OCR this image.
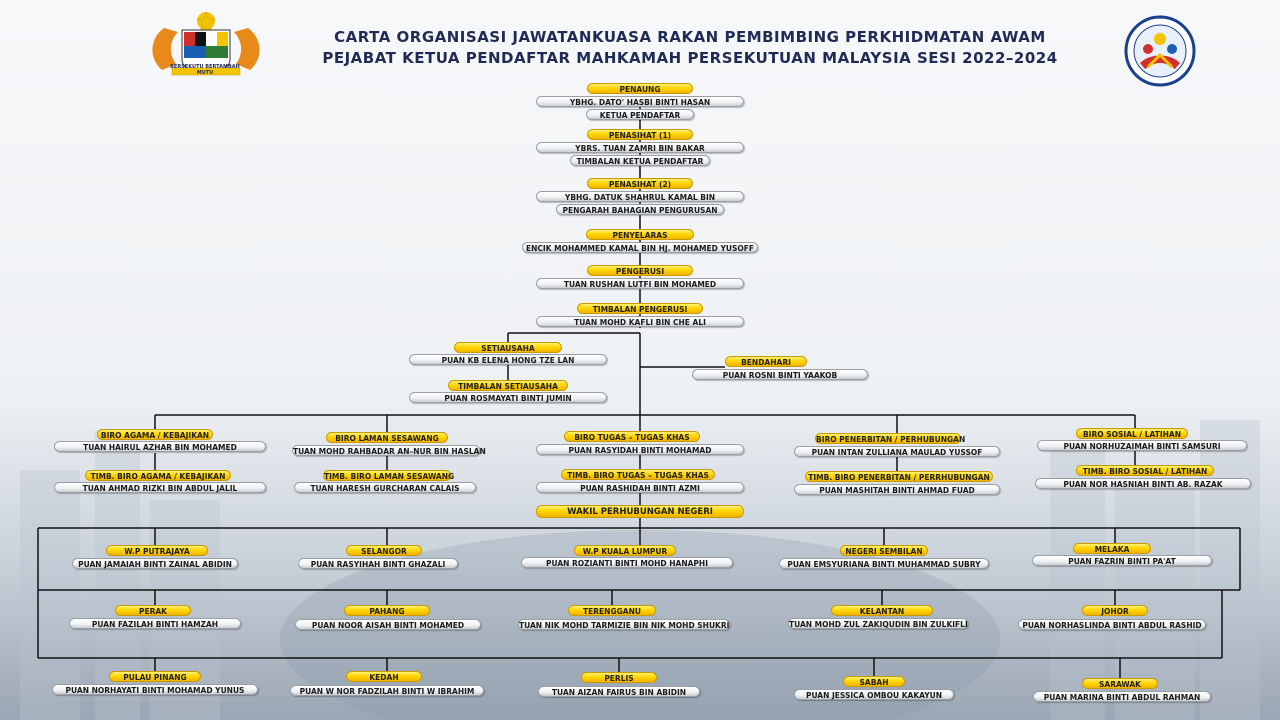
BERSEKUTU BERTAMBAH MUTU
CARTA ORGANISASI JAWATANKUASA RAKAN PEMBIMBING PERKHIDMATAN AWAM
PEJABAT KETUA PENDAFTAR MAHKAMAH PERSEKUTUAN MALAYSIA SESI 2022–2024
PENAUNG
YBHG. DATO' HASBI BINTI HASAN
KETUA PENDAFTAR
PENASIHAT (1)
YBRS. TUAN ZAMRI BIN BAKAR
TIMBALAN KETUA PENDAFTAR
PENASIHAT (2)
YBHG. DATUK SHAHRUL KAMAL BIN
PENGARAH BAHAGIAN PENGURUSAN
PENYELARAS
ENCIK MOHAMMED KAMAL BIN HJ. MOHAMED YUSOFF
PENGERUSI
TUAN RUSHAN LUTFI BIN MOHAMED
TIMBALAN PENGERUSI
TUAN MOHD KAFLI BIN CHE ALI
SETIAUSAHA
PUAN KB ELENA HONG TZE LAN
TIMBALAN SETIAUSAHA
PUAN ROSMAYATI BINTI JUMIN
BENDAHARI
PUAN ROSNI BINTI YAAKOB
BIRO AGAMA / KEBAJIKAN
TUAN HAIRUL AZHAR BIN MOHAMED
TIMB. BIRO AGAMA / KEBAJIKAN
TUAN AHMAD RIZKI BIN ABDUL JALIL
BIRO LAMAN SESAWANG
TUAN MOHD RAHBADAR AN–NUR BIN HASLAN
TIMB. BIRO LAMAN SESAWANG
TUAN HARESH GURCHARAN CALAIS
BIRO TUGAS – TUGAS KHAS
PUAN RASYIDAH BINTI MOHAMAD
TIMB. BIRO TUGAS – TUGAS KHAS
PUAN RASHIDAH BINTI AZMI
BIRO PENERBITAN / PERHUBUNGAN
PUAN INTAN ZULLIANA MAULAD YUSSOF
TIMB. BIRO PENERBITAN / PERRHUBUNGAN
PUAN MASHITAH BINTI AHMAD FUAD
BIRO SOSIAL / LATIHAN
PUAN NORHUZAIMAH BINTI SAMSURI
TIMB. BIRO SOSIAL / LATIHAN
PUAN NOR HASNIAH BINTI AB. RAZAK
WAKIL PERHUBUNGAN NEGERI
W.P PUTRAJAYA
PUAN JAMAIAH BINTI ZAINAL ABIDIN
SELANGOR
PUAN RASYIHAH BINTI GHAZALI
W.P KUALA LUMPUR
PUAN ROZIANTI BINTI MOHD HANAPHI
NEGERI SEMBILAN
PUAN EMSYURIANA BINTI MUHAMMAD SUBRY
MELAKA
PUAN FAZRIN BINTI PA'AT
PERAK
PUAN FAZILAH BINTI HAMZAH
PAHANG
PUAN NOOR AISAH BINTI MOHAMED
TERENGGANU
TUAN NIK MOHD TARMIZIE BIN NIK MOHD SHUKRI
KELANTAN
TUAN MOHD ZUL ZAKIQUDIN BIN ZULKIFLI
JOHOR
PUAN NORHASLINDA BINTI ABDUL RASHID
PULAU PINANG
PUAN NORHAYATI BINTI MOHAMAD YUNUS
KEDAH
PUAN W NOR FADZILAH BINTI W IBRAHIM
PERLIS
TUAN AIZAN FAIRUS BIN ABIDIN
SABAH
PUAN JESSICA OMBOU KAKAYUN
SARAWAK
PUAN MARINA BINTI ABDUL RAHMAN
